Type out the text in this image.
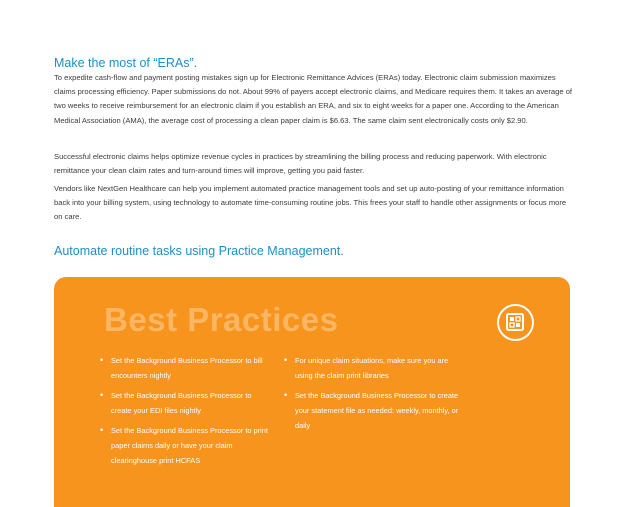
Make the most of “ERAs”.

To expedite cash-flow and payment posting mistakes sign up for Electronic Remittance Advices (ERAs) today. Electronic claim submission maximizes claims processing efficiency. Paper submissions do not. About 99% of payers accept electronic claims, and Medicare requires them. It takes an average of two weeks to receive reimbursement for an electronic claim if you establish an ERA, and six to eight weeks for a paper one. According to the American Medical Association (AMA), the average cost of processing a clean paper claim is $6.63. The same claim sent electronically costs only $2.90.

Successful electronic claims helps optimize revenue cycles in practices by streamlining the billing process and reducing paperwork. With electronic remittance your clean claim rates and turn-around times will improve, getting you paid faster.

Vendors like NextGen Healthcare can help you implement automated practice management tools and set up auto-posting of your remittance information back into your billing system, using technology to automate time-consuming routine jobs. This frees your staff to handle other assignments or focus more on care.

Automate routine tasks using Practice Management.
Best Practices
• Set the Background Business Processor to bill encounters nightly
• Set the Background Business Processor to create your EDI files nightly
• Set the Background Business Processor to print paper claims daily or have your claim clearinghouse print HCFAS
• For unique claim situations, make sure you are using the claim print libraries
• Set the Background Business Processor to create your statement file as needed: weekly, monthly, or daily
